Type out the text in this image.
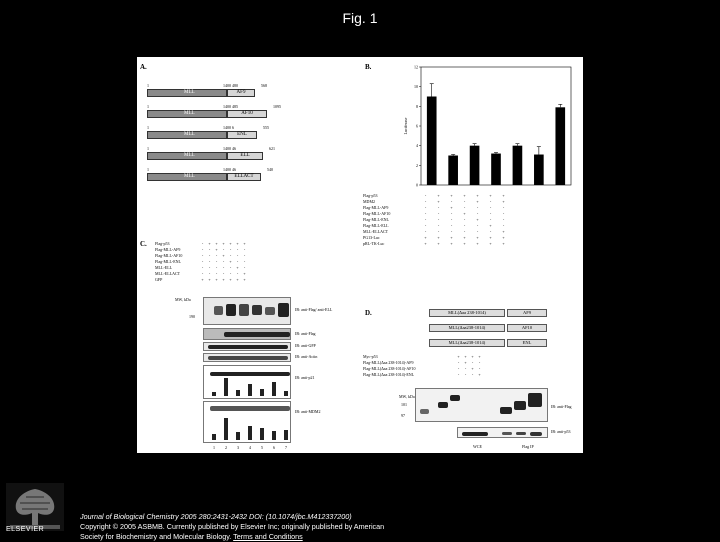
Fig. 1
A.
MLL	AF9
1	1400 480	568
MLL	AF10
1	1400 485	1095
MLL	ENL
1	1400 6	555
MLL	ELL
1	1400 46	621
MLL	ELLACT
1	1400 46	540
B.
0
2
4
6
8
10
12
Luciferase
Flag-p53	-	+	+	+	+	+	+
MDM2	-	+	-	-	+	-	+
Flag-MLL-AF9	-	-	+	-	-	-	-
Flag-MLL-AF10	-	-	-	+	-	-	-
Flag-MLL-ENL	-	-	-	-	+	-	-
Flag-MLL-ELL	-	-	-	-	-	+	-
MLL-ELLACT	-	-	-	-	-	-	+
PG13-Luc	+	+	+	+	+	+	+
pRL-TK-Luc	+	+	+	+	+	+	+
C. Flag-p53	-	+	+	+	+	+	+
Flag-MLL-AF9	-	-	+	-	-	-	-
Flag-MLL-AF10	-	-	-	+	-	-	-
Flag-MLL-ENL	-	-	-	-	+	-	-
MLL-ELL	-	-	-	-	-	+	-
MLL-ELLACT	-	-	-	-	-	-	+
GFP	+	+	+	+	+	+	+
MW, kDa
190
IB: anti-Flag/ anti-ELL
IB: anti-Flag
IB: anti-GFP
IB: anti-Actin
IB: anti-p21
IB: anti-MDM2
1	2	3	4	5	6	7
D.	MLL(Δaa 238-1014)	AF9
MLL(Δaa238-1014)	AF10
MLL(Δaa238-1014)	ENL
Myc-p53	+	+	+	+
Flag-MLL(Δaa 238-1014)-AF9	-	+	-	-
Flag-MLL(Δaa 238-1014)-AF10	-	-	+	-
Flag-MLL(Δaa 238-1014)-ENL	-	-	-	+
MW, kDa
101
97
IB: anti-Flag
IB: anti-p53
WCE	Flag IP
ELSEVIER
Journal of Biological Chemistry 2005 280:2431-2432 DOI: (10.1074/jbc.M412337200)
Copyright © 2005 ASBMB. Currently published by Elsevier Inc; originally published by American
Society for Biochemistry and Molecular Biology. Terms and Conditions
